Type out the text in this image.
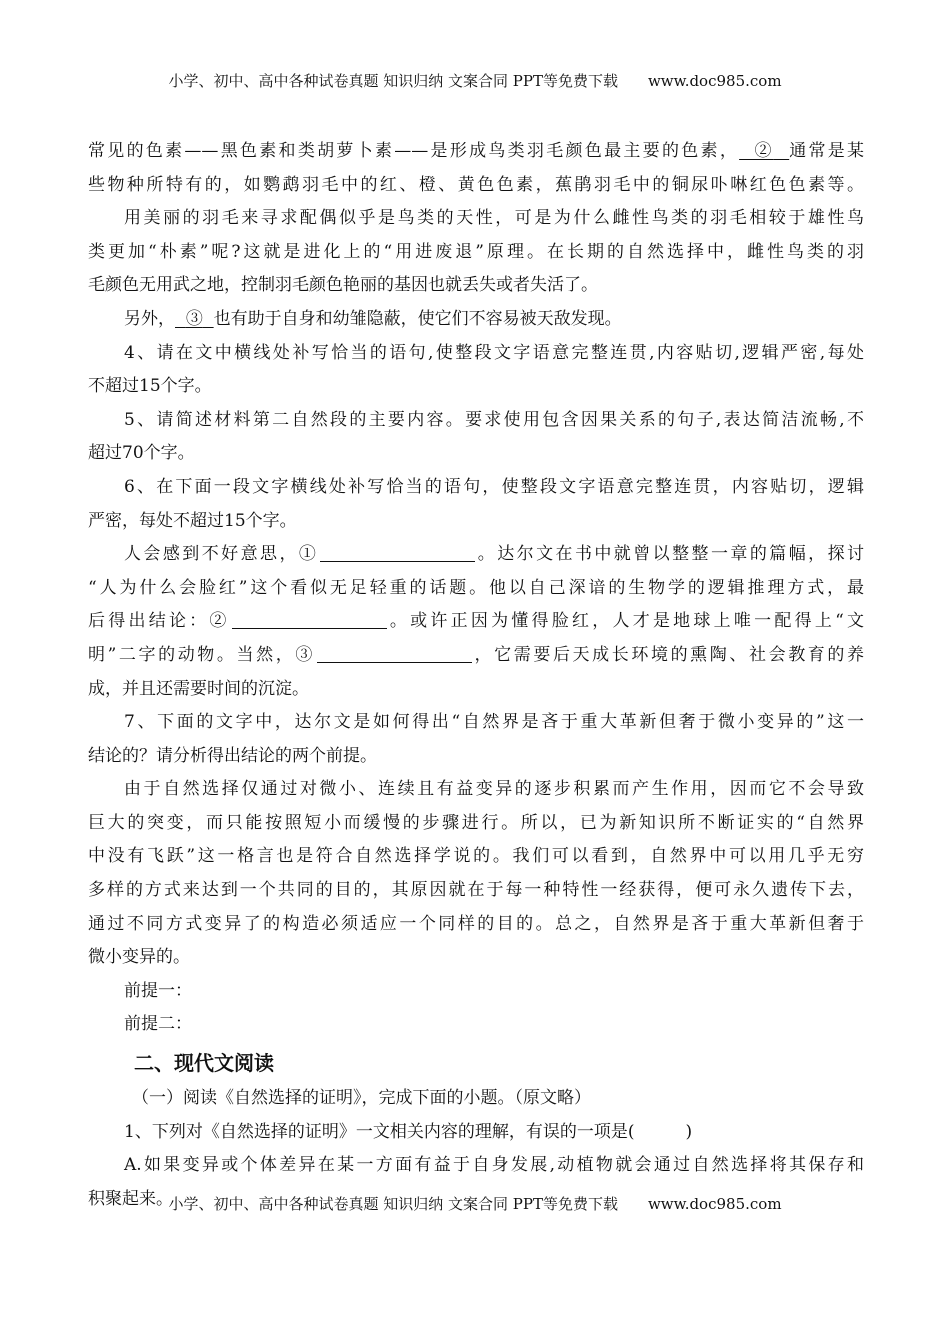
小学、初中、高中各种试卷真题 知识归纳 文案合同 PPT等免费下载 www.doc985.com
常见的色素——黑色素和类胡萝卜素——是形成鸟类羽毛颜色最主要的色素， ② 通常是某
些物种所特有的，如鹦鹉羽毛中的红、橙、黄色色素，蕉鹃羽毛中的铜尿卟啉红色色素等。
用美丽的羽毛来寻求配偶似乎是鸟类的天性，可是为什么雌性鸟类的羽毛相较于雄性鸟
类更加“朴素”呢?这就是进化上的“用进废退”原理。在长期的自然选择中，雌性鸟类的羽
毛颜色无用武之地，控制羽毛颜色艳丽的基因也就丢失或者失活了。
另外， ③ 也有助于自身和幼雏隐蔽，使它们不容易被天敌发现。
4、请在文中横线处补写恰当的语句,使整段文字语意完整连贯,内容贴切,逻辑严密,每处
不超过15个字。
5、请简述材料第二自然段的主要内容。要求使用包含因果关系的句子,表达简洁流畅,不
超过70个字。
6、在下面一段文字横线处补写恰当的语句，使整段文字语意完整连贯，内容贴切，逻辑
严密，每处不超过15个字。
人会感到不好意思，①	。达尔文在书中就曾以整整一章的篇幅，探讨
“人为什么会脸红”这个看似无足轻重的话题。他以自己深谙的生物学的逻辑推理方式，最
后得出结论：②	。或许正因为懂得脸红，人才是地球上唯一配得上“文
明”二字的动物。当然，③	，它需要后天成长环境的熏陶、社会教育的养
成，并且还需要时间的沉淀。
7、下面的文字中，达尔文是如何得出“自然界是吝于重大革新但奢于微小变异的”这一
结论的？请分析得出结论的两个前提。
由于自然选择仅通过对微小、连续且有益变异的逐步积累而产生作用，因而它不会导致
巨大的突变，而只能按照短小而缓慢的步骤进行。所以，已为新知识所不断证实的“自然界
中没有飞跃”这一格言也是符合自然选择学说的。我们可以看到，自然界中可以用几乎无穷
多样的方式来达到一个共同的目的，其原因就在于每一种特性一经获得，便可永久遗传下去，
通过不同方式变异了的构造必须适应一个同样的目的。总之，自然界是吝于重大革新但奢于
微小变异的。
前提一：
前提二：
二、现代文阅读
（一）阅读《自然选择的证明》，完成下面的小题。（原文略）
1、下列对《自然选择的证明》一文相关内容的理解，有误的一项是(　　　)
A.如果变异或个体差异在某一方面有益于自身发展,动植物就会通过自然选择将其保存和
积聚起来。
小学、初中、高中各种试卷真题 知识归纳 文案合同 PPT等免费下载 www.doc985.com
